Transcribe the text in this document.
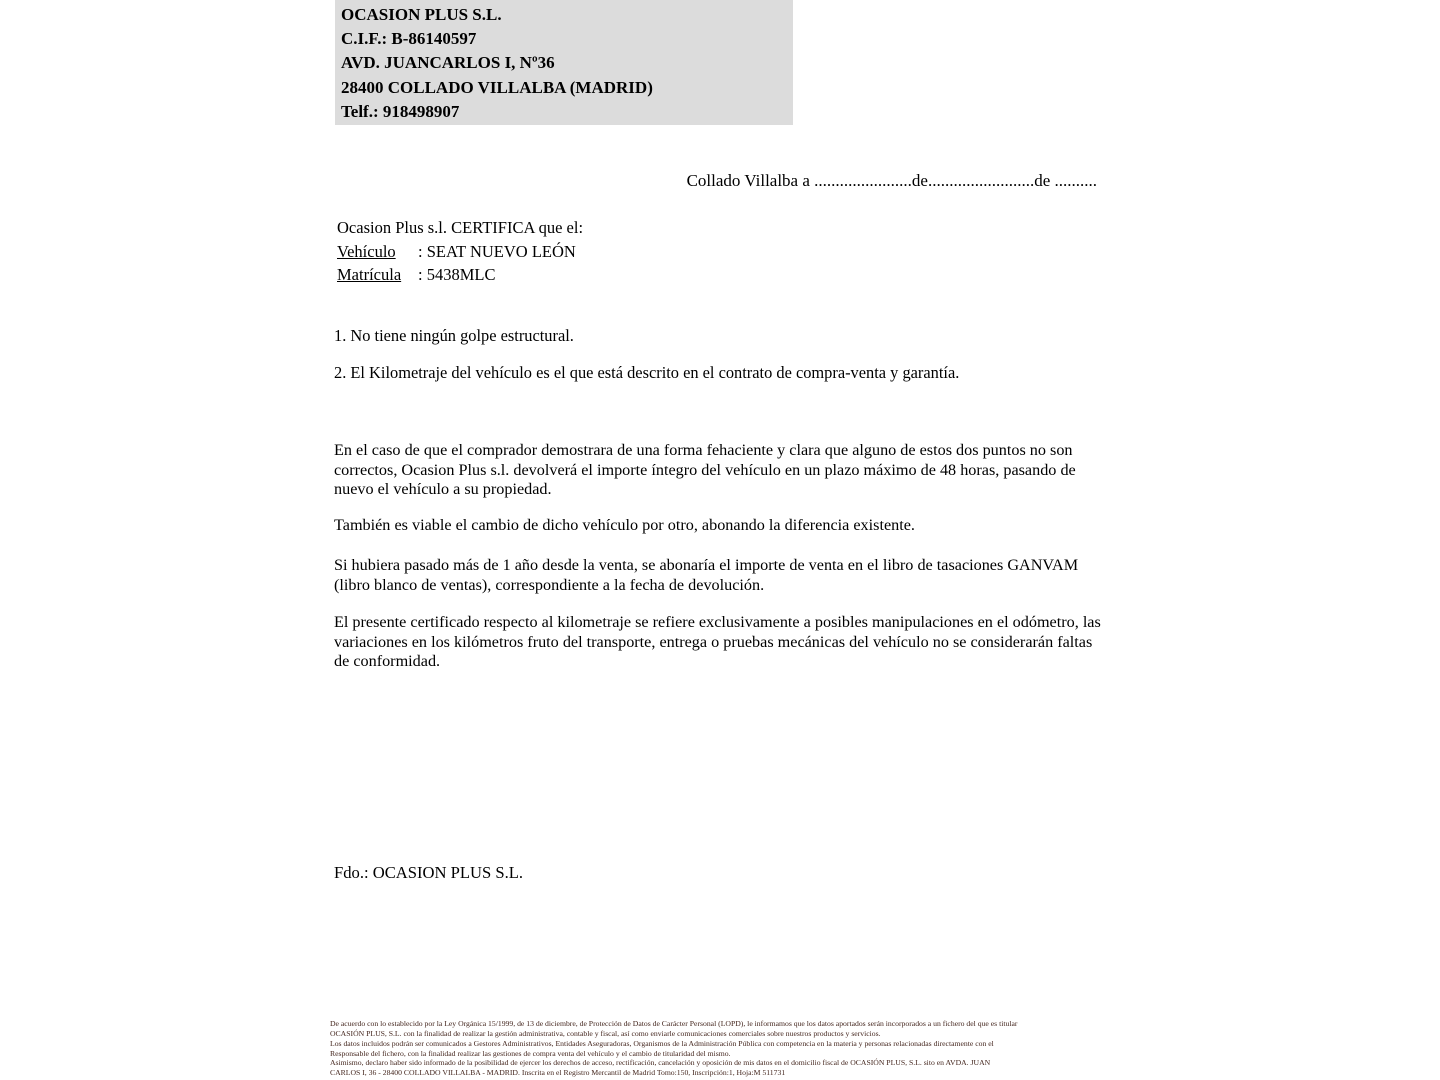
OCASION PLUS S.L.
C.I.F.: B-86140597
AVD. JUANCARLOS I, Nº36
28400 COLLADO VILLALBA (MADRID)
Telf.: 918498907
Collado Villalba a .......................de.........................de ..........
Ocasion Plus s.l. CERTIFICA que el:
Vehículo	: SEAT NUEVO LEÓN
Matrícula	: 5438MLC
1. No tiene ningún golpe estructural.
2. El Kilometraje del vehículo es el que está descrito en el contrato de compra-venta y garantía.
En el caso de que el comprador demostrara de una forma fehaciente y clara que alguno de estos dos puntos no son correctos, Ocasion Plus s.l. devolverá el importe íntegro del vehículo en un plazo máximo de 48 horas, pasando de nuevo el vehículo a su propiedad.
También es viable el cambio de dicho vehículo por otro, abonando la diferencia existente.
Si hubiera pasado más de 1 año desde la venta, se abonaría el importe de venta en el libro de tasaciones GANVAM (libro blanco de ventas), correspondiente a la fecha de devolución.
El presente certificado respecto al kilometraje se refiere exclusivamente a posibles manipulaciones en el odómetro, las variaciones en los kilómetros fruto del transporte, entrega o pruebas mecánicas del vehículo no se considerarán faltas de conformidad.
Fdo.: OCASION PLUS S.L.
De acuerdo con lo establecido por la Ley Orgánica 15/1999, de 13 de diciembre, de Protección de Datos de Carácter Personal (LOPD), le informamos que los datos aportados serán incorporados a un fichero del que es titular
OCASIÓN PLUS, S.L. con la finalidad de realizar la gestión administrativa, contable y fiscal, así como enviarle comunicaciones comerciales sobre nuestros productos y servicios.
Los datos incluidos podrán ser comunicados a Gestores Administrativos, Entidades Aseguradoras, Organismos de la Administración Pública con competencia en la materia y personas relacionadas directamente con el
Responsable del fichero, con la finalidad realizar las gestiones de compra venta del vehículo y el cambio de titularidad del mismo.
Asimismo, declaro haber sido informado de la posibilidad de ejercer los derechos de acceso, rectificación, cancelación y oposición de mis datos en el domicilio fiscal de OCASIÓN PLUS, S.L. sito en AVDA. JUAN
CARLOS I, 36 - 28400 COLLADO VILLALBA - MADRID. Inscrita en el Registro Mercantil de Madrid Tomo:150, Inscripción:1, Hoja:M 511731
